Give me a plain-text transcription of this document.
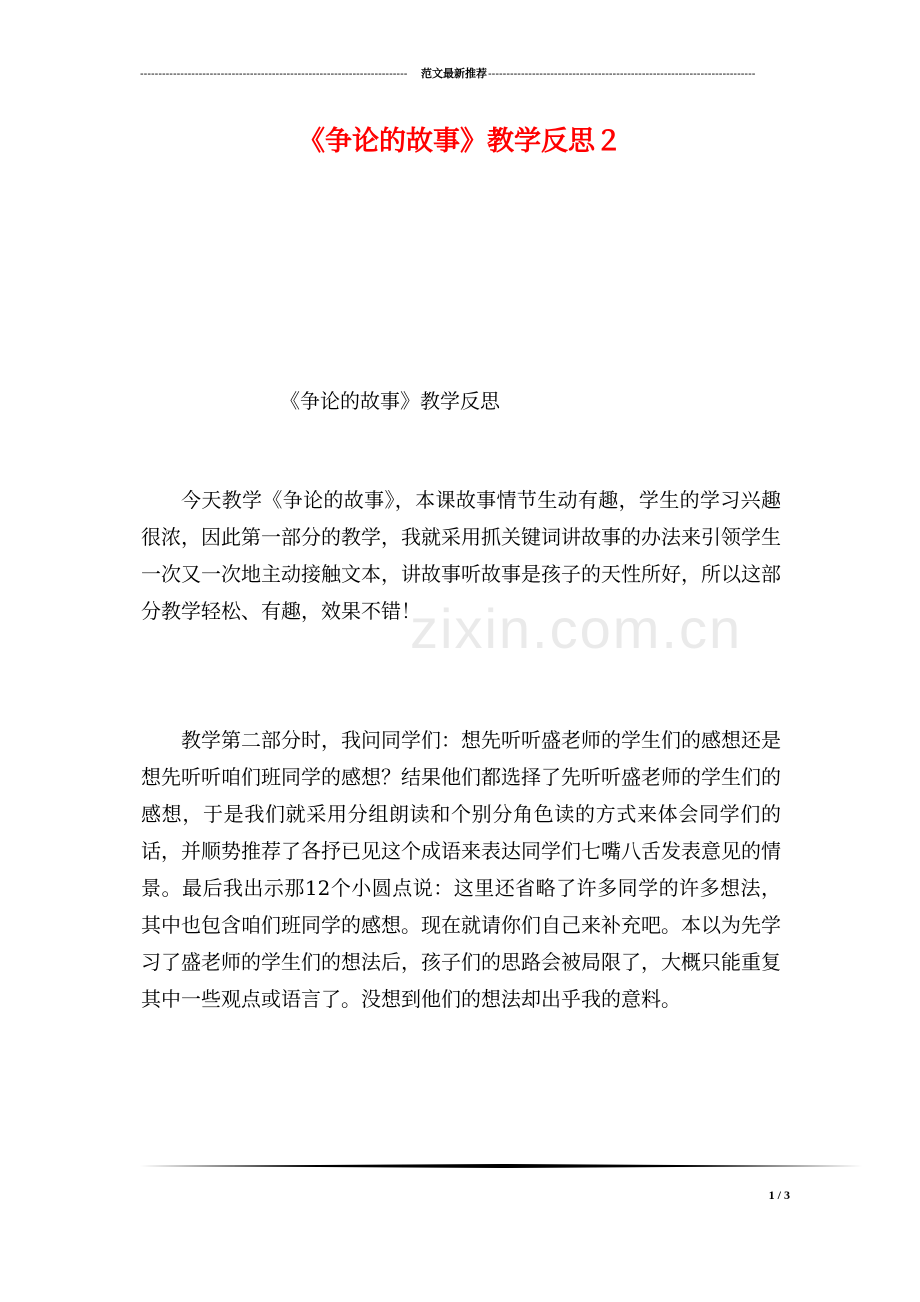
-------------------------------------------------------------------------	范文最新推荐 -------------------------------------------------------------------------
《争论的故事》教学反思２
《争论的故事》教学反思

今天教学《争论的故事》，本课故事情节生动有趣，学生的学习兴趣很浓，因此第一部分的教学，我就采用抓关键词讲故事的办法来引领学生一次又一次地主动接触文本，讲故事听故事是孩子的天性所好，所以这部分教学轻松、有趣，效果不错！

zixin.com.cn

教学第二部分时，我问同学们：想先听听盛老师的学生们的感想还是想先听听咱们班同学的感想？结果他们都选择了先听听盛老师的学生们的感想，于是我们就采用分组朗读和个别分角色读的方式来体会同学们的话，并顺势推荐了各抒已见这个成语来表达同学们七嘴八舌发表意见的情景。最后我出示那12个小圆点说：这里还省略了许多同学的许多想法，其中也包含咱们班同学的感想。现在就请你们自己来补充吧。本以为先学习了盛老师的学生们的想法后，孩子们的思路会被局限了，大概只能重复其中一些观点或语言了。没想到他们的想法却出乎我的意料。

1 / 3
